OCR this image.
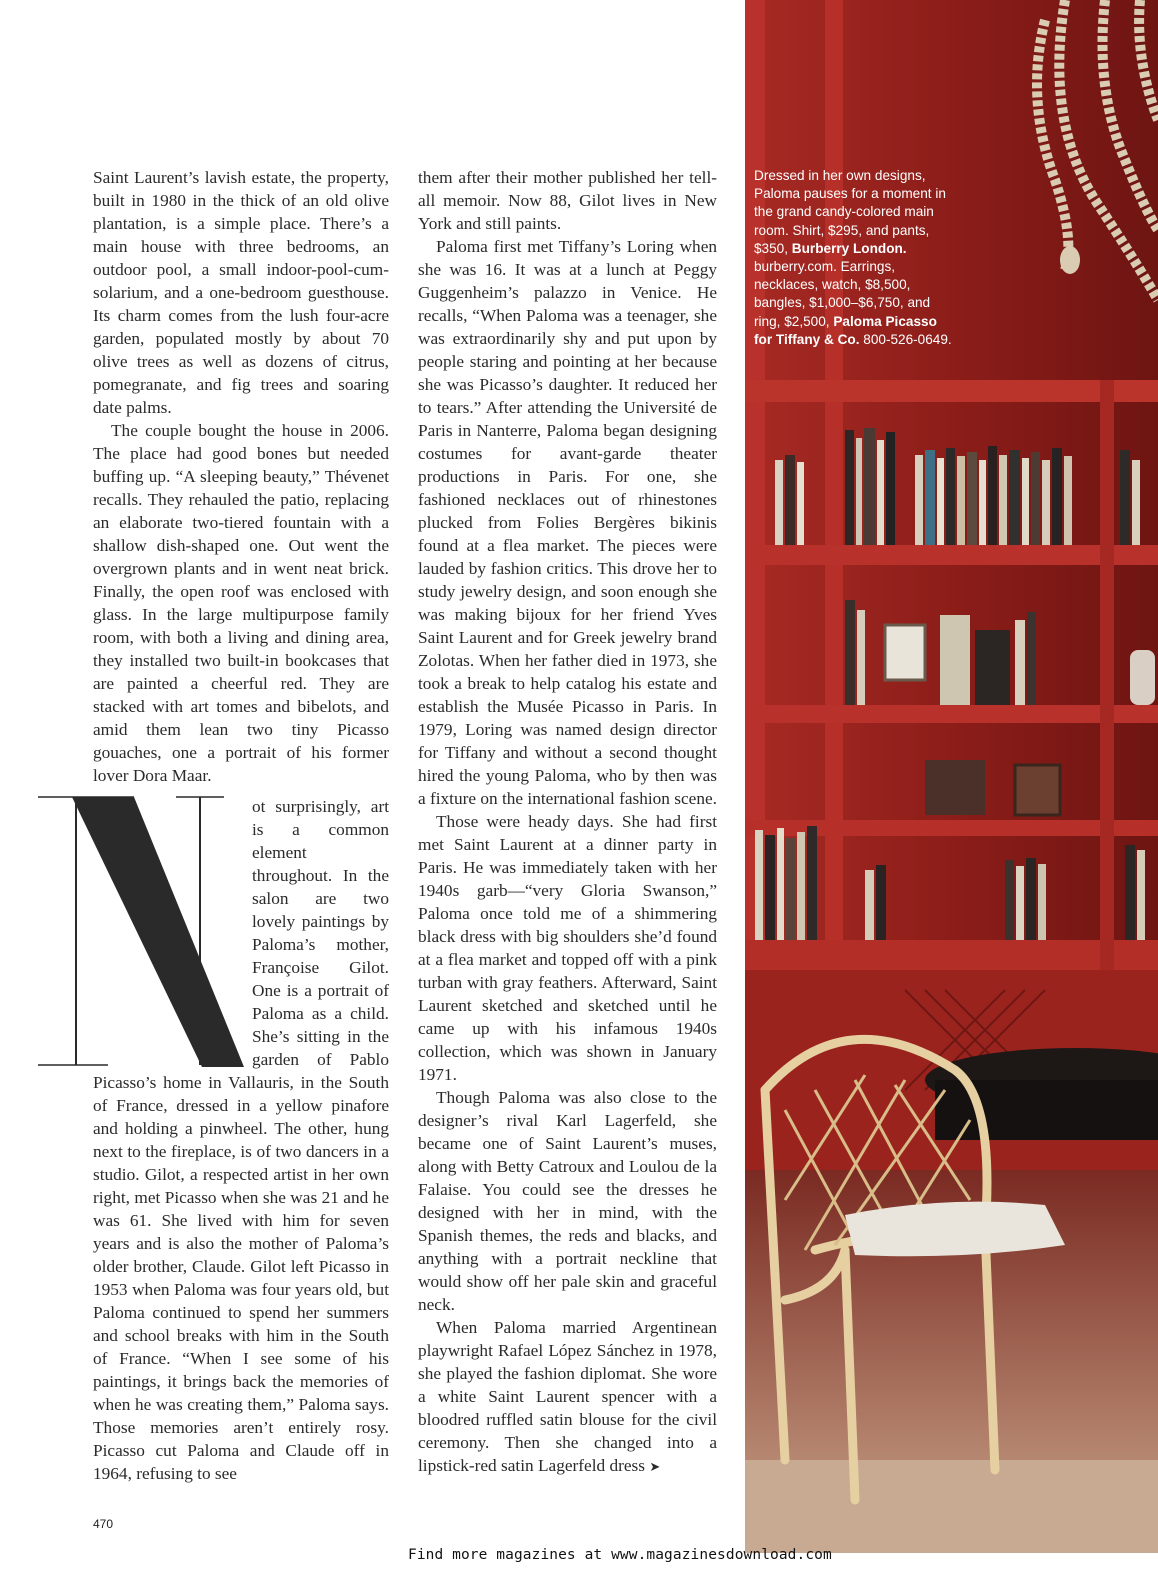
Saint Laurent’s lavish estate, the property, built in 1980 in the thick of an old olive plantation, is a simple place. There’s a main house with three bedrooms, an outdoor pool, a small indoor-pool-cum-solarium, and a one-bedroom guesthouse. Its charm comes from the lush four-acre garden, populated mostly by about 70 olive trees as well as dozens of citrus, pomegranate, and fig trees and soaring date palms.

The couple bought the house in 2006. The place had good bones but needed buffing up. “A sleeping beauty,” Thévenet recalls. They rehauled the patio, replacing an elaborate two-tiered fountain with a shallow dish-shaped one. Out went the overgrown plants and in went neat brick. Finally, the open roof was enclosed with glass. In the large multipurpose family room, with both a living and dining area, they installed two built-in bookcases that are painted a cheerful red. They are stacked with art tomes and bibelots, and amid them lean two tiny Picasso gouaches, one a portrait of his former lover Dora Maar.

ot surprisingly, art is a common element throughout. In the salon are two lovely paintings by Paloma’s mother, Françoise Gilot. One is a portrait of Paloma as a child. She’s sitting in the garden of Pablo Picasso’s home in Vallauris, in the South of France, dressed in a yellow pinafore and holding a pinwheel. The other, hung next to the fireplace, is of two dancers in a studio. Gilot, a respected artist in her own right, met Picasso when she was 21 and he was 61. She lived with him for seven years and is also the mother of Paloma’s older brother, Claude. Gilot left Picasso in 1953 when Paloma was four years old, but Paloma continued to spend her summers and school breaks with him in the South of France. “When I see some of his paintings, it brings back the memories of when he was creating them,” Paloma says. Those memories aren’t entirely rosy. Picasso cut Paloma and Claude off in 1964, refusing to see

them after their mother published her tell-all memoir. Now 88, Gilot lives in New York and still paints.

Paloma first met Tiffany’s Loring when she was 16. It was at a lunch at Peggy Guggenheim’s palazzo in Venice. He recalls, “When Paloma was a teenager, she was extraordinarily shy and put upon by people staring and pointing at her because she was Picasso’s daughter. It reduced her to tears.” After attending the Université de Paris in Nanterre, Paloma began designing costumes for avant-garde theater productions in Paris. For one, she fashioned necklaces out of rhinestones plucked from Folies Bergères bikinis found at a flea market. The pieces were lauded by fashion critics. This drove her to study jewelry design, and soon enough she was making bijoux for her friend Yves Saint Laurent and for Greek jewelry brand Zolotas. When her father died in 1973, she took a break to help catalog his estate and establish the Musée Picasso in Paris. In 1979, Loring was named design director for Tiffany and without a second thought hired the young Paloma, who by then was a fixture on the international fashion scene.

Those were heady days. She had first met Saint Laurent at a dinner party in Paris. He was immediately taken with her 1940s garb—“very Gloria Swanson,” Paloma once told me of a shimmering black dress with big shoulders she’d found at a flea market and topped off with a pink turban with gray feathers. Afterward, Saint Laurent sketched and sketched until he came up with his infamous 1940s collection, which was shown in January 1971.

Though Paloma was also close to the designer’s rival Karl Lagerfeld, she became one of Saint Laurent’s muses, along with Betty Catroux and Loulou de la Falaise. You could see the dresses he designed with her in mind, with the Spanish themes, the reds and blacks, and anything with a portrait neckline that would show off her pale skin and graceful neck.

When Paloma married Argentinean playwright Rafael López Sánchez in 1978, she played the fashion diplomat. She wore a white Saint Laurent spencer with a bloodred ruffled satin blouse for the civil ceremony. Then she changed into a lipstick-red satin Lagerfeld dress ➤

Dressed in her own designs, Paloma pauses for a moment in the grand candy-colored main room. Shirt, $295, and pants, $350, Burberry London. burberry.com. Earrings, necklaces, watch, $8,500, bangles, $1,000–$6,750, and ring, $2,500, Paloma Picasso for Tiffany & Co. 800-526-0649.
470
Find more magazines at www.magazinesdownload.com
